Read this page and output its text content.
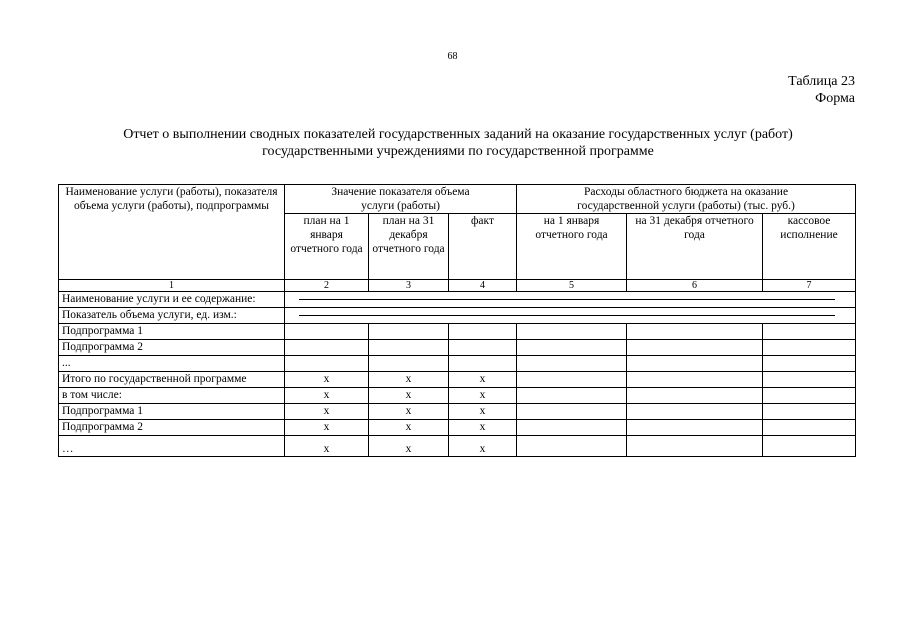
68
Таблица 23
Форма
Отчет о выполнении сводных показателей государственных заданий на оказание государственных услуг (работ)
государственными учреждениями по государственной программе
Наименование услуги (работы), показателя объема услуги (работы), подпрограммы	Значение показателя объема услуги (работы)			Расходы областного бюджета на оказание государственной услуги (работы) (тыс. руб.)		
	план на 1 января отчетного года	план на 31 декабря отчетного года	факт	на 1 января отчетного года	на 31 декабря отчетного года	кассовое исполнение
1	2	3	4	5	6	7
Наименование услуги и ее содержание:						

Показатель объема услуги, ед. изм.:						

Подпрограмма 1						
Подпрограмма 2						
...						
Итого по государственной программе	x	x	x			
в том числе:	x	x	x			
Подпрограмма 1	x	x	x			
Подпрограмма 2	x	x	x			
…	x	x	x			
